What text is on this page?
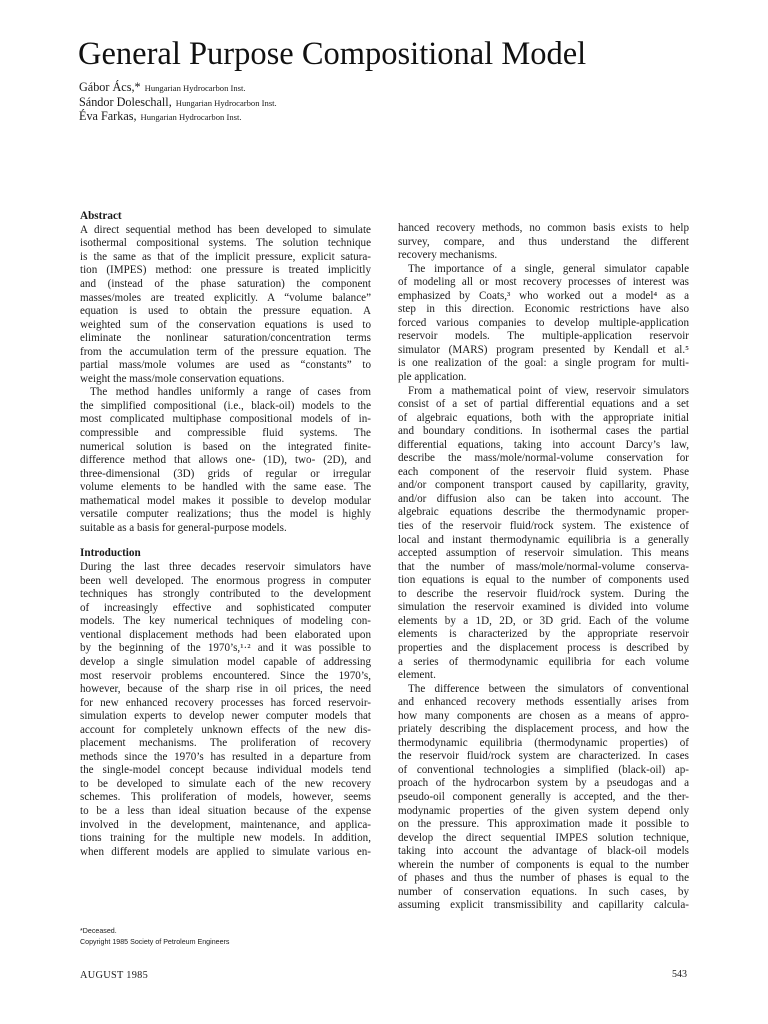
General Purpose Compositional Model
Gábor Ács,* Hungarian Hydrocarbon Inst.
Sándor Doleschall, Hungarian Hydrocarbon Inst.
Éva Farkas, Hungarian Hydrocarbon Inst.
Abstract
A direct sequential method has been developed to simulate
isothermal compositional systems. The solution technique
is the same as that of the implicit pressure, explicit satura-
tion (IMPES) method: one pressure is treated implicitly
and (instead of the phase saturation) the component
masses/moles are treated explicitly. A “volume balance”
equation is used to obtain the pressure equation. A
weighted sum of the conservation equations is used to
eliminate the nonlinear saturation/concentration terms
from the accumulation term of the pressure equation. The
partial mass/mole volumes are used as “constants” to
weight the mass/mole conservation equations.
The method handles uniformly a range of cases from
the simplified compositional (i.e., black-oil) models to the
most complicated multiphase compositional models of in-
compressible and compressible fluid systems. The
numerical solution is based on the integrated finite-
difference method that allows one- (1D), two- (2D), and
three-dimensional (3D) grids of regular or irregular
volume elements to be handled with the same ease. The
mathematical model makes it possible to develop modular
versatile computer realizations; thus the model is highly
suitable as a basis for general-purpose models.
Introduction
During the last three decades reservoir simulators have
been well developed. The enormous progress in computer
techniques has strongly contributed to the development
of increasingly effective and sophisticated computer
models. The key numerical techniques of modeling con-
ventional displacement methods had been elaborated upon
by the beginning of the 1970’s,¹·² and it was possible to
develop a single simulation model capable of addressing
most reservoir problems encountered. Since the 1970’s,
however, because of the sharp rise in oil prices, the need
for new enhanced recovery processes has forced reservoir-
simulation experts to develop newer computer models that
account for completely unknown effects of the new dis-
placement mechanisms. The proliferation of recovery
methods since the 1970’s has resulted in a departure from
the single-model concept because individual models tend
to be developed to simulate each of the new recovery
schemes. This proliferation of models, however, seems
to be a less than ideal situation because of the expense
involved in the development, maintenance, and applica-
tions training for the multiple new models. In addition,
when different models are applied to simulate various en-
hanced recovery methods, no common basis exists to help
survey, compare, and thus understand the different
recovery mechanisms.
The importance of a single, general simulator capable
of modeling all or most recovery processes of interest was
emphasized by Coats,³ who worked out a model⁴ as a
step in this direction. Economic restrictions have also
forced various companies to develop multiple-application
reservoir models. The multiple-application reservoir
simulator (MARS) program presented by Kendall et al.⁵
is one realization of the goal: a single program for multi-
ple application.
From a mathematical point of view, reservoir simulators
consist of a set of partial differential equations and a set
of algebraic equations, both with the appropriate initial
and boundary conditions. In isothermal cases the partial
differential equations, taking into account Darcy’s law,
describe the mass/mole/normal-volume conservation for
each component of the reservoir fluid system. Phase
and/or component transport caused by capillarity, gravity,
and/or diffusion also can be taken into account. The
algebraic equations describe the thermodynamic proper-
ties of the reservoir fluid/rock system. The existence of
local and instant thermodynamic equilibria is a generally
accepted assumption of reservoir simulation. This means
that the number of mass/mole/normal-volume conserva-
tion equations is equal to the number of components used
to describe the reservoir fluid/rock system. During the
simulation the reservoir examined is divided into volume
elements by a 1D, 2D, or 3D grid. Each of the volume
elements is characterized by the appropriate reservoir
properties and the displacement process is described by
a series of thermodynamic equilibria for each volume
element.
The difference between the simulators of conventional
and enhanced recovery methods essentially arises from
how many components are chosen as a means of appro-
priately describing the displacement process, and how the
thermodynamic equilibria (thermodynamic properties) of
the reservoir fluid/rock system are characterized. In cases
of conventional technologies a simplified (black-oil) ap-
proach of the hydrocarbon system by a pseudogas and a
pseudo-oil component generally is accepted, and the ther-
modynamic properties of the given system depend only
on the pressure. This approximation made it possible to
develop the direct sequential IMPES solution technique,
taking into account the advantage of black-oil models
wherein the number of components is equal to the number
of phases and thus the number of phases is equal to the
number of conservation equations. In such cases, by
assuming explicit transmissibility and capillarity calcula-
*Deceased.
Copyright 1985 Society of Petroleum Engineers
AUGUST 1985	543
